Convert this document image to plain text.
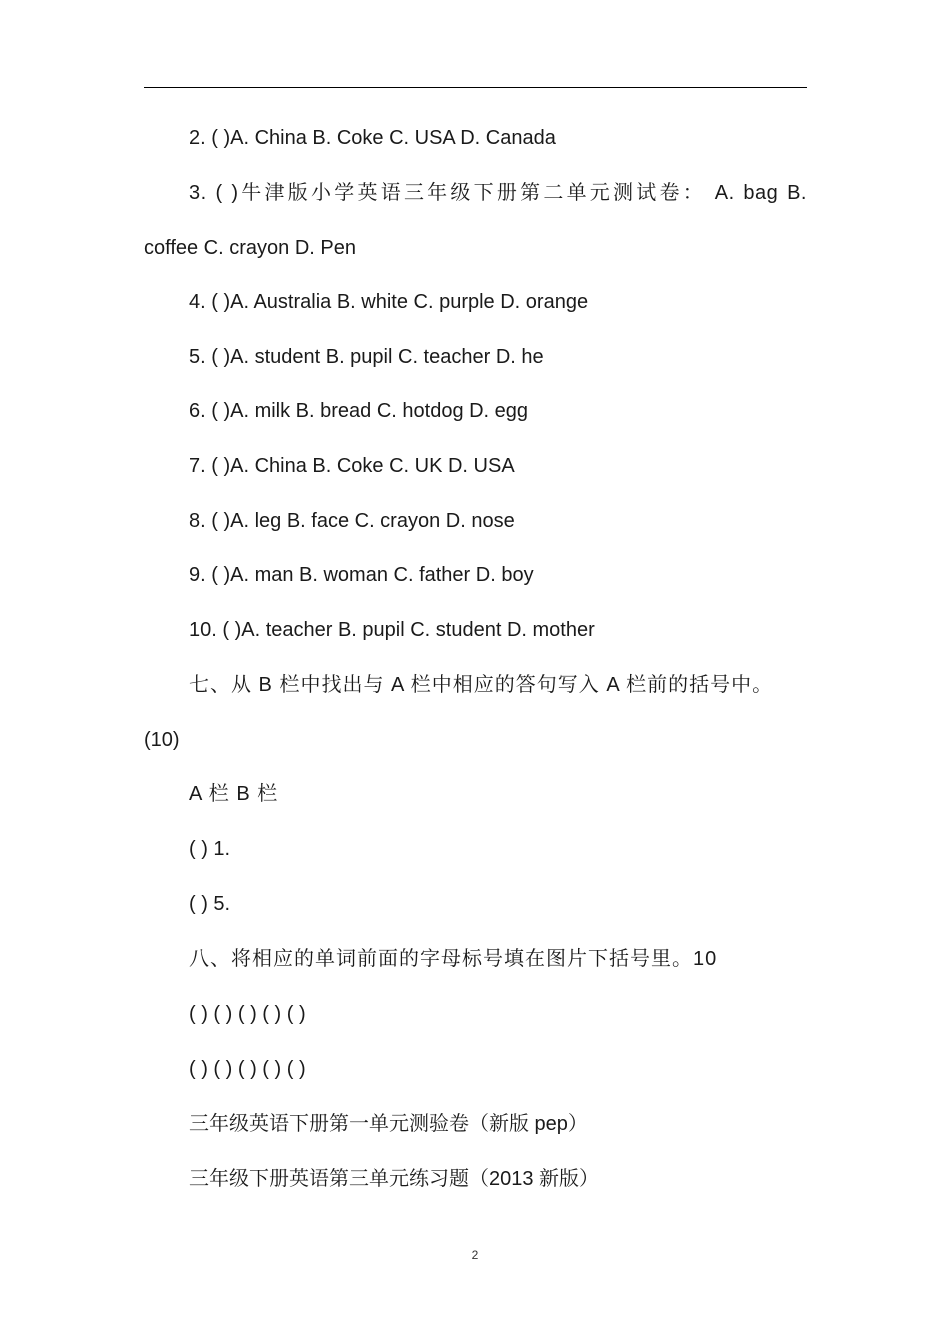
2. ( )A. China B. Coke C. USA D. Canada
3. ( )牛津版小学英语三年级下册第二单元测试卷： A. bag B.
coffee C. crayon D. Pen
4. ( )A. Australia B. white C. purple D. orange
5. ( )A. student B. pupil C. teacher D. he
6. ( )A. milk B. bread C. hotdog D. egg
7. ( )A. China B. Coke C. UK D. USA
8. ( )A. leg B. face C. crayon D. nose
9. ( )A. man B. woman C. father D. boy
10. ( )A. teacher B. pupil C. student D. mother
七、从 B 栏中找出与 A 栏中相应的答句写入 A 栏前的括号中。
(10)
A 栏 B 栏
( ) 1.
( ) 5.
八、将相应的单词前面的字母标号填在图片下括号里。10
( ) ( ) ( ) ( ) ( )
( ) ( ) ( ) ( ) ( )
三年级英语下册第一单元测验卷（新版 pep）
三年级下册英语第三单元练习题（2013 新版）
2
